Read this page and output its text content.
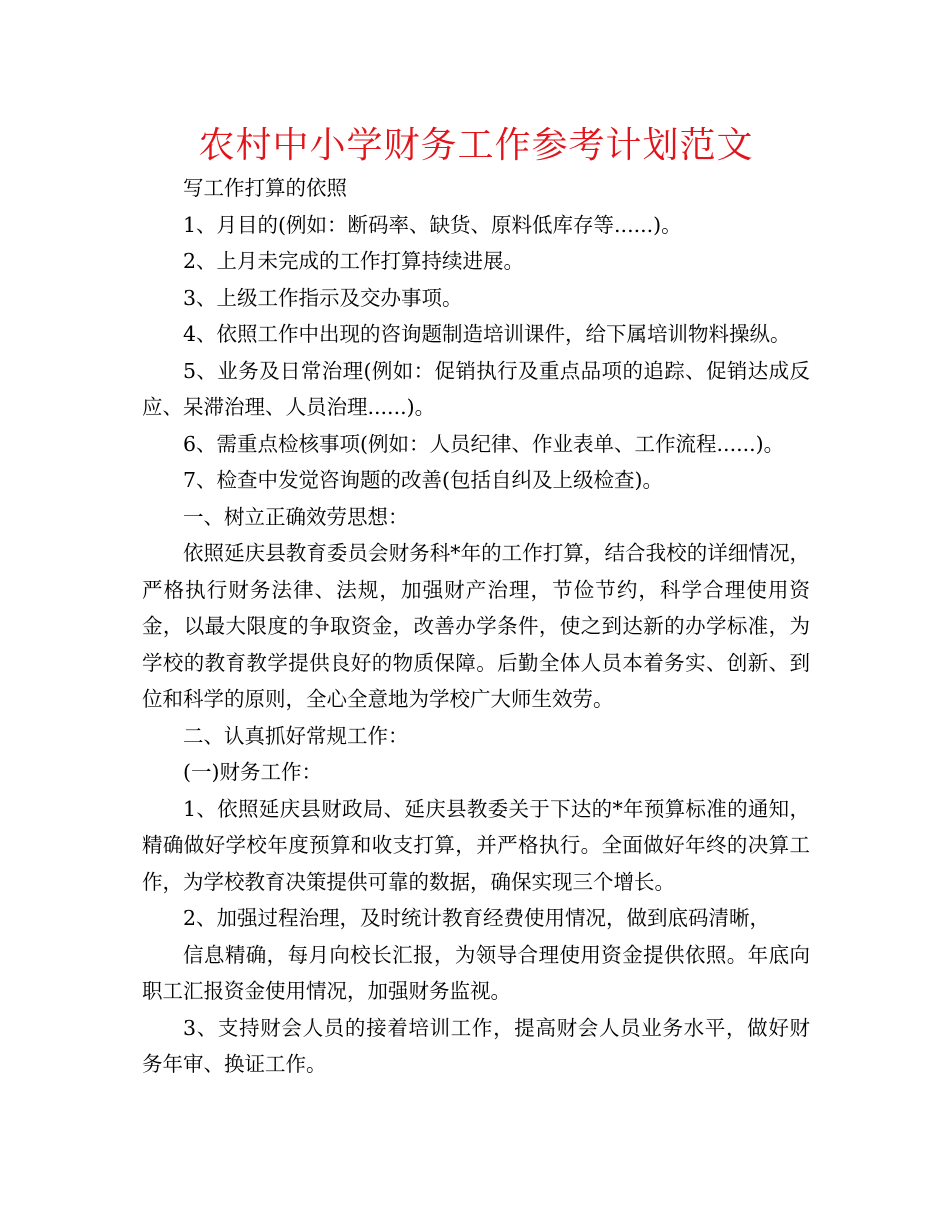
农村中小学财务工作参考计划范文

写工作打算的依照

1、月目的(例如：断码率、缺货、原料低库存等......)。

2、上月未完成的工作打算持续进展。

3、上级工作指示及交办事项。

4、依照工作中出现的咨询题制造培训课件，给下属培训物料操纵。

5、业务及日常治理(例如：促销执行及重点品项的追踪、促销达成反应、呆滞治理、人员治理......)。

6、需重点检核事项(例如：人员纪律、作业表单、工作流程......)。

7、检查中发觉咨询题的改善(包括自纠及上级检查)。

一、树立正确效劳思想：

依照延庆县教育委员会财务科*年的工作打算，结合我校的详细情况，严格执行财务法律、法规，加强财产治理，节俭节约，科学合理使用资金，以最大限度的争取资金，改善办学条件，使之到达新的办学标准，为学校的教育教学提供良好的物质保障。后勤全体人员本着务实、创新、到位和科学的原则，全心全意地为学校广大师生效劳。

二、认真抓好常规工作：

(一)财务工作：

1、依照延庆县财政局、延庆县教委关于下达的*年预算标准的通知，精确做好学校年度预算和收支打算，并严格执行。全面做好年终的决算工作，为学校教育决策提供可靠的数据，确保实现三个增长。

2、加强过程治理，及时统计教育经费使用情况，做到底码清晰，

信息精确，每月向校长汇报，为领导合理使用资金提供依照。年底向职工汇报资金使用情况，加强财务监视。

3、支持财会人员的接着培训工作，提高财会人员业务水平，做好财务年审、换证工作。
